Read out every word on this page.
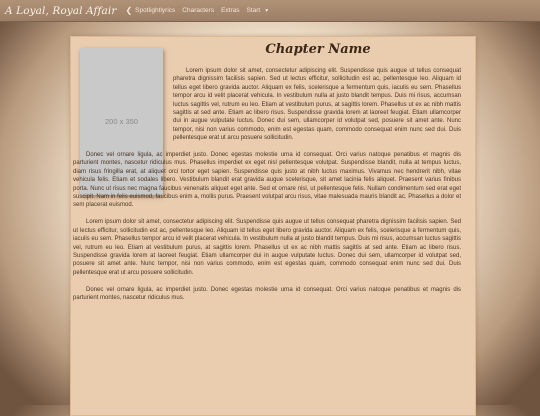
A Loyal, Royal Affair ❮ Spotlightlyrics Characters Extras Start ▼
200 x 350
Chapter Name

Lorem ipsum dolor sit amet, consectetur adipiscing elit. Suspendisse quis augue ut tellus consequat pharetra dignissim facilisis sapien. Sed ut lectus efficitur, sollicitudin est ac, pellentesque leo. Aliquam id tellus eget libero gravida auctor. Aliquam ex felis, scelerisque a fermentum quis, iaculis eu sem. Phasellus tempor arcu id velit placerat vehicula. In vestibulum nulla at justo blandit tempus. Duis mi risus, accumsan luctus sagittis vel, rutrum eu leo. Etiam at vestibulum purus, at sagittis lorem. Phasellus ut ex ac nibh mattis sagittis at sed ante. Etiam ac libero risus. Suspendisse gravida lorem at laoreet feugiat. Etiam ullamcorper dui in augue vulputate luctus. Donec dui sem, ullamcorper id volutpat sed, posuere sit amet ante. Nunc tempor, nisi non varius commodo, enim est egestas quam, commodo consequat enim nunc sed dui. Duis pellentesque erat ut arcu posuere sollicitudin.

Donec vel ornare ligula, ac imperdiet justo. Donec egestas molestie urna id consequat. Orci varius natoque penatibus et magnis dis parturient montes, nascetur ridiculus mus. Phasellus imperdiet ex eget nisl pellentesque volutpat. Suspendisse blandit, nulla at tempus luctus, diam risus fringilla erat, at aliquet orci tortor eget sapien. Suspendisse quis justo at nibh luctus maximus. Vivamus nec hendrerit nibh, vitae vehicula felis. Etiam et sodales libero. Vestibulum blandit erat gravida augue scelerisque, sit amet lacinia felis aliquet. Praesent varius finibus porta. Nunc ut risus nec magna faucibus venenatis aliquet eget ante. Sed et ornare nisl, ut pellentesque felis. Nullam condimentum sed erat eget suscipit. Nam in felis euismod, faucibus enim a, mollis purus. Praesent volutpat arcu risus, vitae malesuada mauris blandit ac. Phasellus a dolor et sem placerat euismod.

Lorem ipsum dolor sit amet, consectetur adipiscing elit. Suspendisse quis augue ut tellus consequat pharetra dignissim facilisis sapien. Sed ut lectus efficitur, sollicitudin est ac, pellentesque leo. Aliquam id tellus eget libero gravida auctor. Aliquam ex felis, scelerisque a fermentum quis, iaculis eu sem. Phasellus tempor arcu id velit placerat vehicula. In vestibulum nulla at justo blandit tempus. Duis mi risus, accumsan luctus sagittis vel, rutrum eu leo. Etiam at vestibulum purus, at sagittis lorem. Phasellus ut ex ac nibh mattis sagittis at sed ante. Etiam ac libero risus. Suspendisse gravida lorem at laoreet feugiat. Etiam ullamcorper dui in augue vulputate luctus. Donec dui sem, ullamcorper id volutpat sed, posuere sit amet ante. Nunc tempor, nisi non varius commodo, enim est egestas quam, commodo consequat enim nunc sed dui. Duis pellentesque erat ut arcu posuere sollicitudin.

Donec vel ornare ligula, ac imperdiet justo. Donec egestas molestie urna id consequat. Orci varius natoque penatibus et magnis dis parturient montes, nascetur ridiculus mus.
